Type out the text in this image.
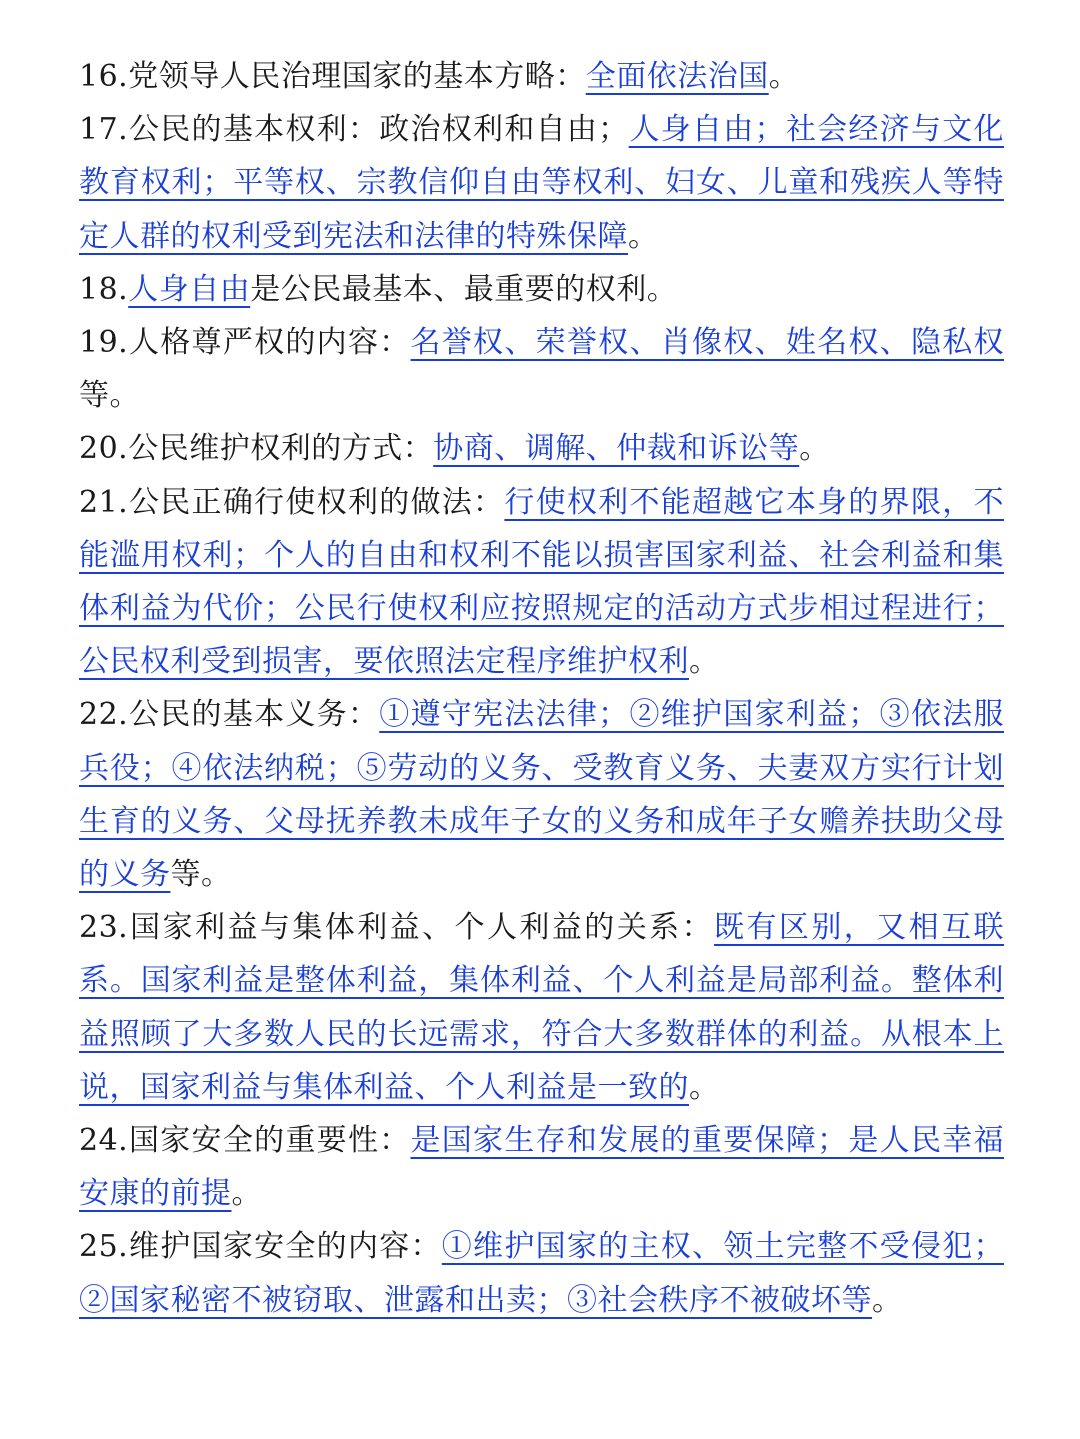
16.党领导人民治理国家的基本方略：全面依法治国。

17.公民的基本权利：政治权利和自由；人身自由；社会经济与文化教育权利；平等权、宗教信仰自由等权利、妇女、儿童和残疾人等特定人群的权利受到宪法和法律的特殊保障。

18.人身自由是公民最基本、最重要的权利。

19.人格尊严权的内容：名誉权、荣誉权、肖像权、姓名权、隐私权等。

20.公民维护权利的方式：协商、调解、仲裁和诉讼等。

21.公民正确行使权利的做法：行使权利不能超越它本身的界限，不能滥用权利；个人的自由和权利不能以损害国家利益、社会利益和集体利益为代价；公民行使权利应按照规定的活动方式步相过程进行；公民权利受到损害，要依照法定程序维护权利。

22.公民的基本义务：①遵守宪法法律；②维护国家利益；③依法服兵役；④依法纳税；⑤劳动的义务、受教育义务、夫妻双方实行计划生育的义务、父母抚养教未成年子女的义务和成年子女赡养扶助父母的义务等。

23.国家利益与集体利益、个人利益的关系：既有区别，又相互联系。国家利益是整体利益，集体利益、个人利益是局部利益。整体利益照顾了大多数人民的长远需求，符合大多数群体的利益。从根本上说，国家利益与集体利益、个人利益是一致的。

24.国家安全的重要性：是国家生存和发展的重要保障；是人民幸福安康的前提。

25.维护国家安全的内容：①维护国家的主权、领土完整不受侵犯；②国家秘密不被窃取、泄露和出卖；③社会秩序不被破坏等。
